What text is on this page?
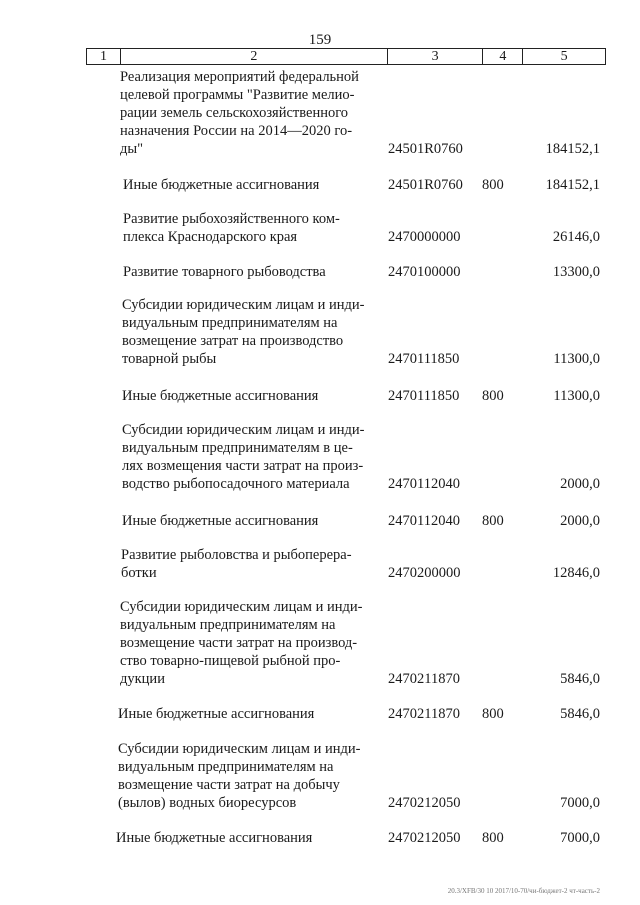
159
1	2	3	4	5
Реализация мероприятий федеральной
целевой программы "Развитие мелио-
рации земель сельскохозяйственного
назначения России на 2014—2020 го-
ды"	24501R0760	184152,1
Иные бюджетные ассигнования	24501R0760 800	184152,1
Развитие рыбохозяйственного ком-
плекса Краснодарского края	2470000000	26146,0
Развитие товарного рыбоводства	2470100000	13300,0
Субсидии юридическим лицам и инди-
видуальным предпринимателям на
возмещение затрат на производство
товарной рыбы	2470111850	11300,0
Иные бюджетные ассигнования	2470111850 800	11300,0
Субсидии юридическим лицам и инди-
видуальным предпринимателям в це-
лях возмещения части затрат на произ-
водство рыбопосадочного материала	2470112040	2000,0
Иные бюджетные ассигнования	2470112040 800	2000,0
Развитие рыболовства и рыбоперера-
ботки	2470200000	12846,0
Субсидии юридическим лицам и инди-
видуальным предпринимателям на
возмещение части затрат на производ-
ство товарно-пищевой рыбной про-
дукции	2470211870	5846,0
Иные бюджетные ассигнования	2470211870 800	5846,0
Субсидии юридическим лицам и инди-
видуальным предпринимателям на
возмещение части затрат на добычу
(вылов) водных биоресурсов	2470212050	7000,0
Иные бюджетные ассигнования	2470212050 800	7000,0
20.3/XFB/30 10 2017/10-70/чи-бюджет-2 чт-часть-2
